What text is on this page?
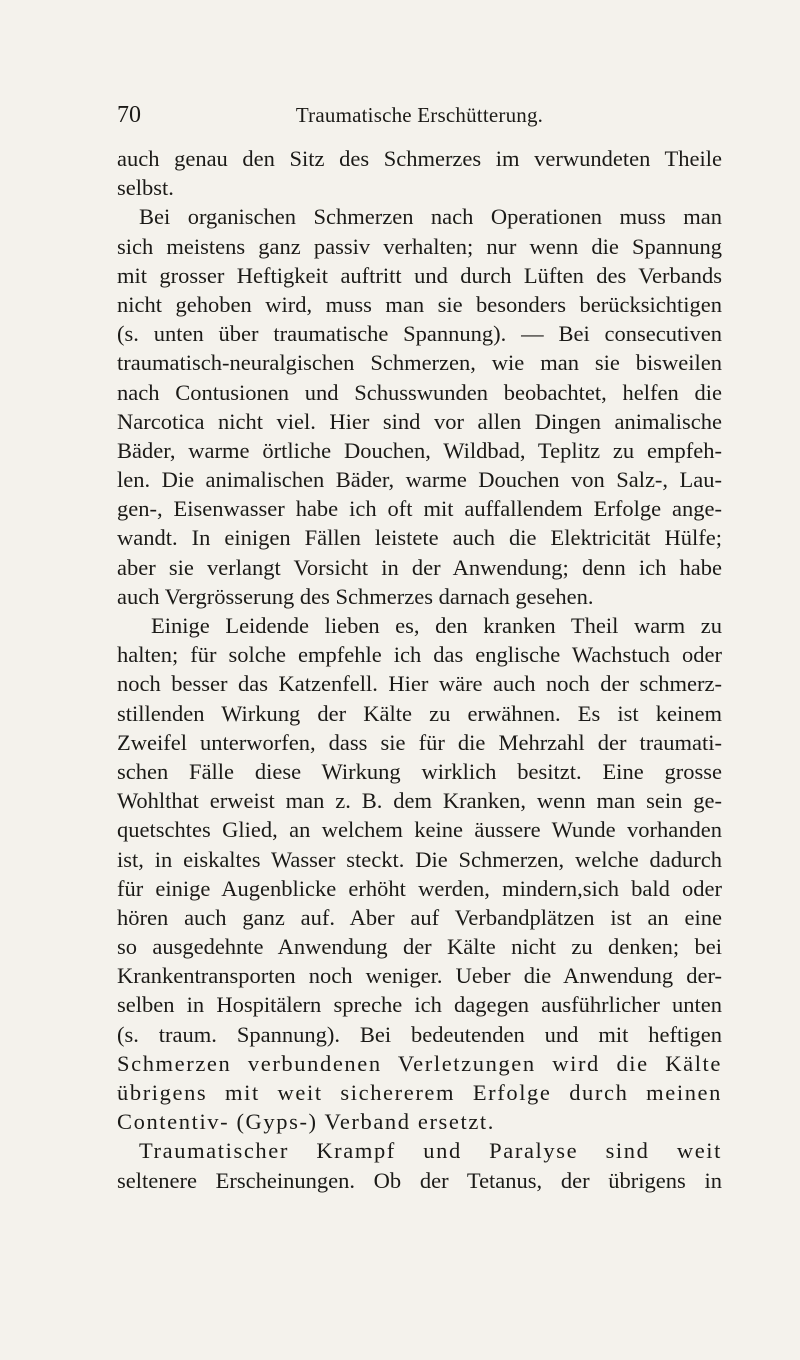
70	Traumatische Erschütterung.
auch genau den Sitz des Schmerzes im verwundeten Theile
selbst.
Bei organischen Schmerzen nach Operationen muss man
sich meistens ganz passiv verhalten; nur wenn die Spannung
mit grosser Heftigkeit auftritt und durch Lüften des Verbands
nicht gehoben wird, muss man sie besonders berücksichtigen
(s. unten über traumatische Spannung). — Bei consecutiven
traumatisch-neuralgischen Schmerzen, wie man sie bisweilen
nach Contusionen und Schusswunden beobachtet, helfen die
Narcotica nicht viel. Hier sind vor allen Dingen animalische
Bäder, warme örtliche Douchen, Wildbad, Teplitz zu empfeh-
len. Die animalischen Bäder, warme Douchen von Salz-, Lau-
gen-, Eisenwasser habe ich oft mit auffallendem Erfolge ange-
wandt. In einigen Fällen leistete auch die Elektricität Hülfe;
aber sie verlangt Vorsicht in der Anwendung; denn ich habe
auch Vergrösserung des Schmerzes darnach gesehen.
Einige Leidende lieben es, den kranken Theil warm zu
halten; für solche empfehle ich das englische Wachstuch oder
noch besser das Katzenfell. Hier wäre auch noch der schmerz-
stillenden Wirkung der Kälte zu erwähnen. Es ist keinem
Zweifel unterworfen, dass sie für die Mehrzahl der traumati-
schen Fälle diese Wirkung wirklich besitzt. Eine grosse
Wohlthat erweist man z. B. dem Kranken, wenn man sein ge-
quetschtes Glied, an welchem keine äussere Wunde vorhanden
ist, in eiskaltes Wasser steckt. Die Schmerzen, welche dadurch
für einige Augenblicke erhöht werden, mindern,sich bald oder
hören auch ganz auf. Aber auf Verbandplätzen ist an eine
so ausgedehnte Anwendung der Kälte nicht zu denken; bei
Krankentransporten noch weniger. Ueber die Anwendung der-
selben in Hospitälern spreche ich dagegen ausführlicher unten
(s. traum. Spannung). Bei bedeutenden und mit heftigen
Schmerzen verbundenen Verletzungen wird die Kälte
übrigens mit weit sichererem Erfolge durch meinen
Contentiv- (Gyps-) Verband ersetzt.
Traumatischer Krampf und Paralyse sind weit
seltenere Erscheinungen. Ob der Tetanus, der übrigens in
